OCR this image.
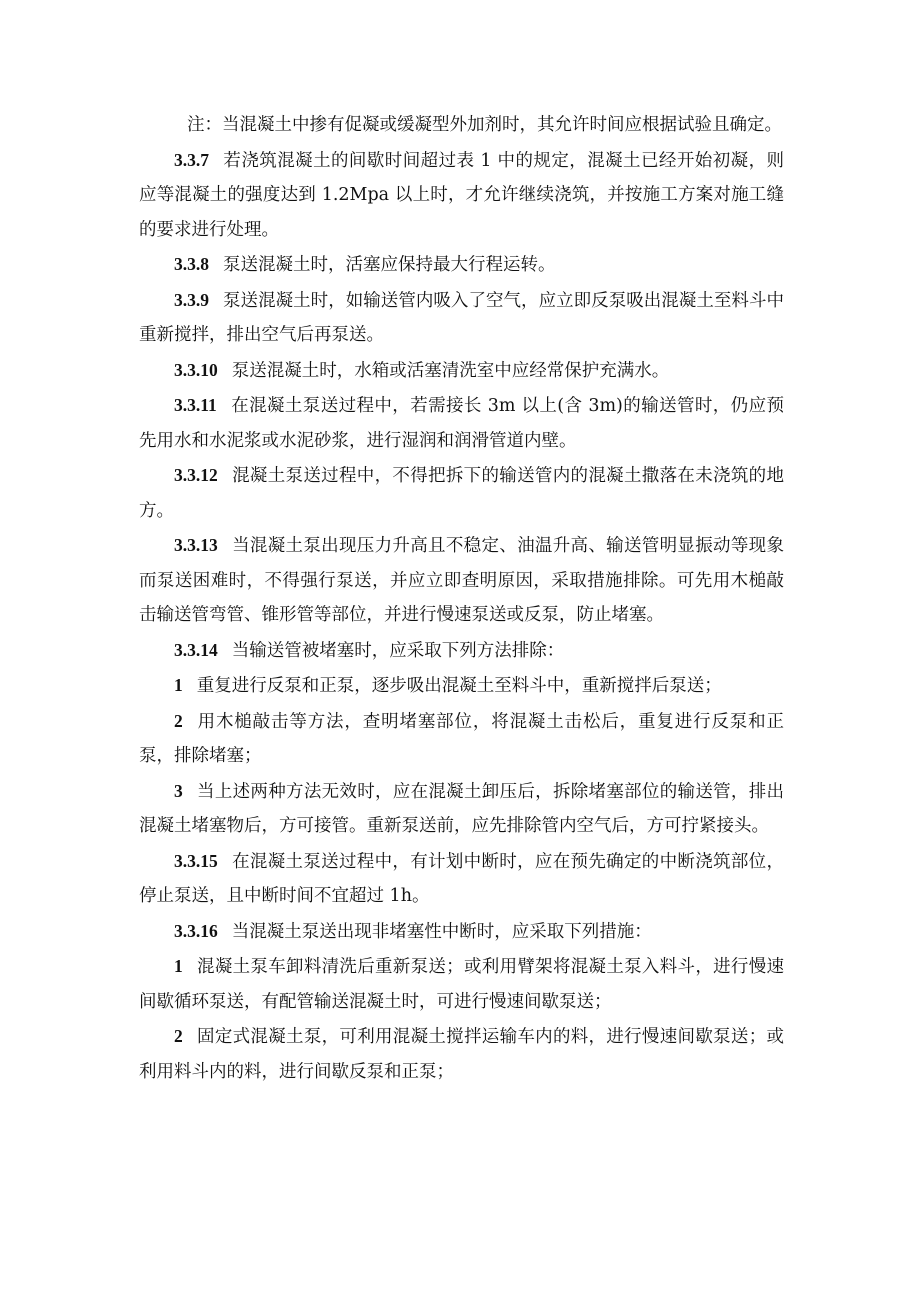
注：当混凝土中掺有促凝或缓凝型外加剂时，其允许时间应根据试验且确定。

3.3.7 若浇筑混凝土的间歇时间超过表 1 中的规定，混凝土已经开始初凝，则应等混凝土的强度达到 1.2Mpa 以上时，才允许继续浇筑，并按施工方案对施工缝的要求进行处理。

3.3.8 泵送混凝土时，活塞应保持最大行程运转。

3.3.9 泵送混凝土时，如输送管内吸入了空气，应立即反泵吸出混凝土至料斗中重新搅拌，排出空气后再泵送。

3.3.10 泵送混凝土时，水箱或活塞清洗室中应经常保护充满水。

3.3.11 在混凝土泵送过程中，若需接长 3m 以上(含 3m)的输送管时，仍应预先用水和水泥浆或水泥砂浆，进行湿润和润滑管道内壁。

3.3.12 混凝土泵送过程中，不得把拆下的输送管内的混凝土撒落在未浇筑的地方。

3.3.13 当混凝土泵出现压力升高且不稳定、油温升高、输送管明显振动等现象而泵送困难时，不得强行泵送，并应立即查明原因，采取措施排除。可先用木槌敲击输送管弯管、锥形管等部位，并进行慢速泵送或反泵，防止堵塞。

3.3.14 当输送管被堵塞时，应采取下列方法排除：

1 重复进行反泵和正泵，逐步吸出混凝土至料斗中，重新搅拌后泵送；

2 用木槌敲击等方法，查明堵塞部位，将混凝土击松后，重复进行反泵和正泵，排除堵塞；

3 当上述两种方法无效时，应在混凝土卸压后，拆除堵塞部位的输送管，排出混凝土堵塞物后，方可接管。重新泵送前，应先排除管内空气后，方可拧紧接头。

3.3.15 在混凝土泵送过程中，有计划中断时，应在预先确定的中断浇筑部位，停止泵送，且中断时间不宜超过 1h。

3.3.16 当混凝土泵送出现非堵塞性中断时，应采取下列措施：

1 混凝土泵车卸料清洗后重新泵送；或利用臂架将混凝土泵入料斗，进行慢速间歇循环泵送，有配管输送混凝土时，可进行慢速间歇泵送；

2 固定式混凝土泵，可利用混凝土搅拌运输车内的料，进行慢速间歇泵送；或利用料斗内的料，进行间歇反泵和正泵；
